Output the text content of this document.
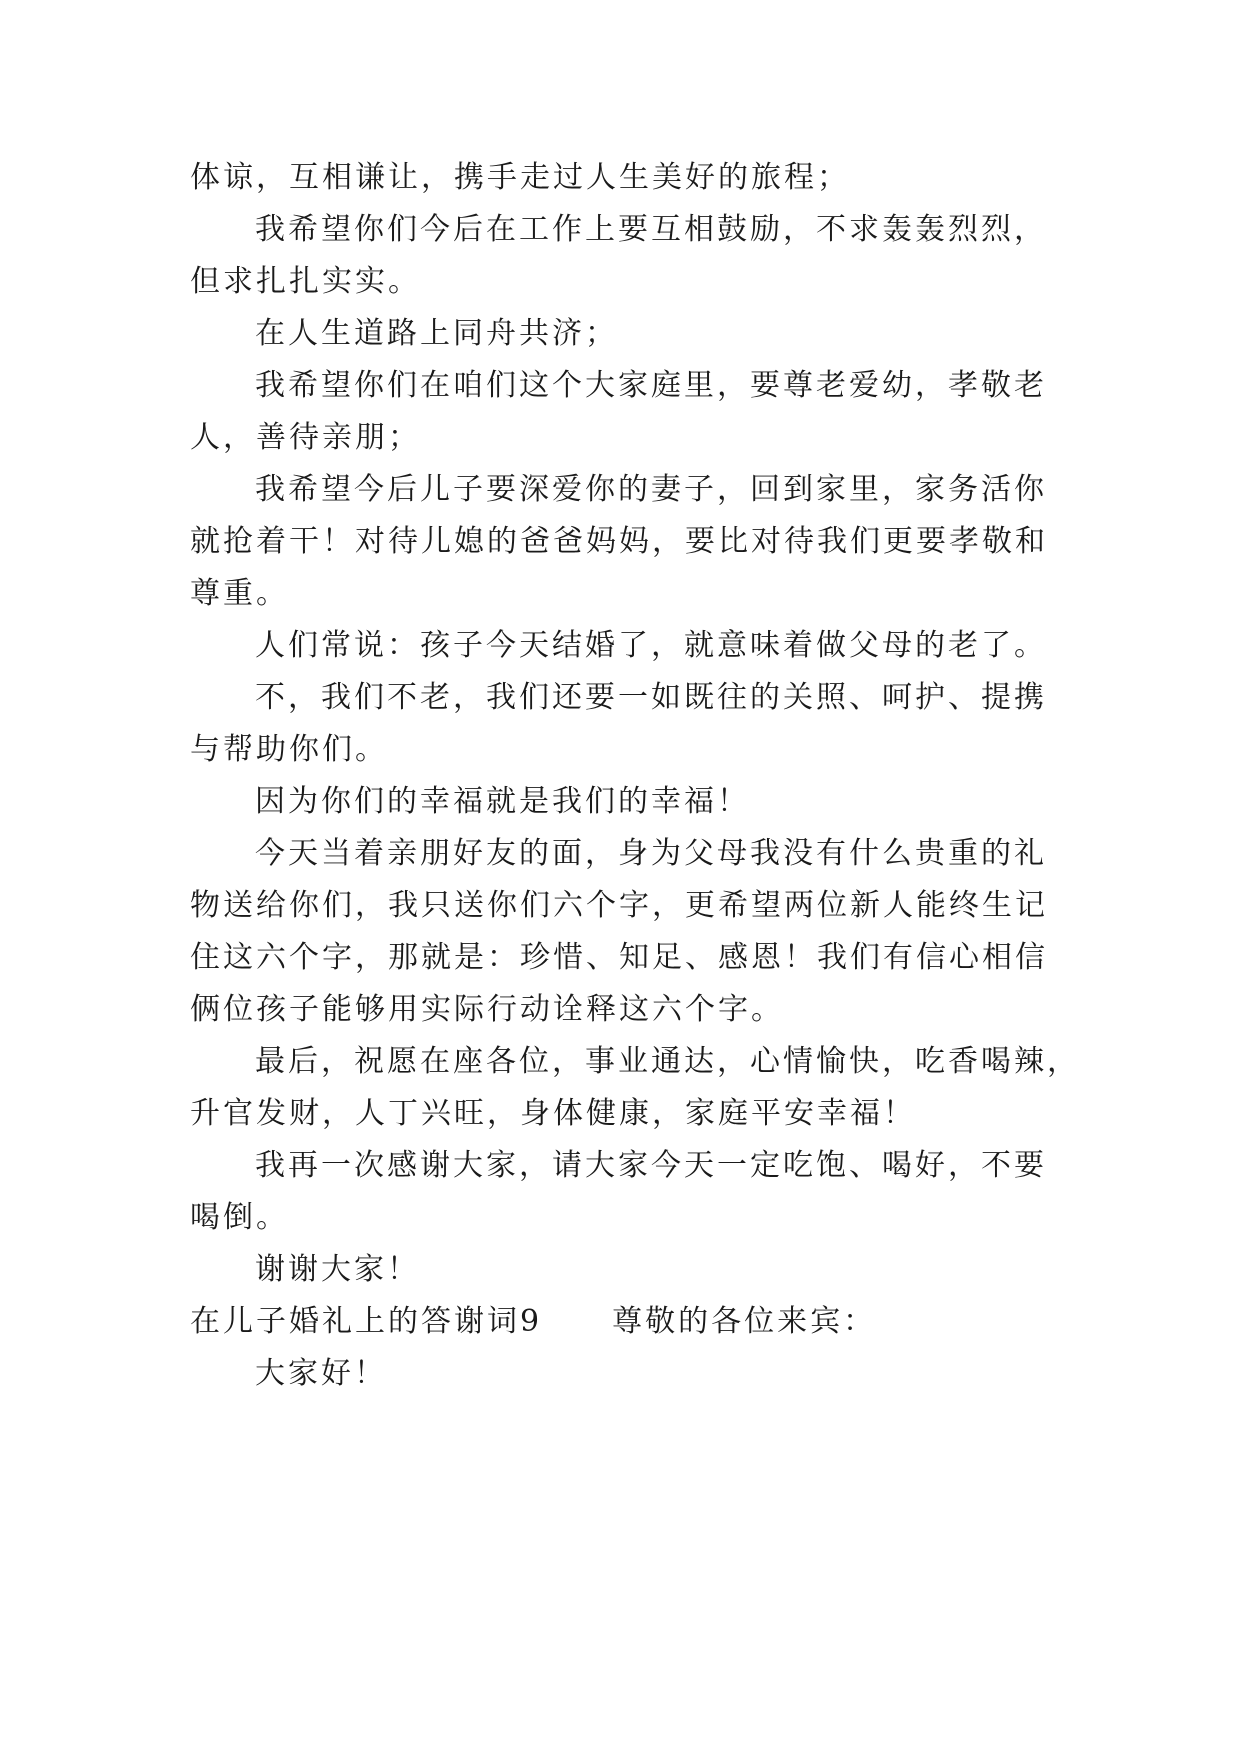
体谅，互相谦让，携手走过人生美好的旅程；
我希望你们今后在工作上要互相鼓励，不求轰轰烈烈，
但求扎扎实实。
在人生道路上同舟共济；
我希望你们在咱们这个大家庭里，要尊老爱幼，孝敬老
人，善待亲朋；
我希望今后儿子要深爱你的妻子，回到家里，家务活你
就抢着干！对待儿媳的爸爸妈妈，要比对待我们更要孝敬和
尊重。
人们常说：孩子今天结婚了，就意味着做父母的老了。
不，我们不老，我们还要一如既往的关照、呵护、提携
与帮助你们。
因为你们的幸福就是我们的幸福！
今天当着亲朋好友的面，身为父母我没有什么贵重的礼
物送给你们，我只送你们六个字，更希望两位新人能终生记
住这六个字，那就是：珍惜、知足、感恩！我们有信心相信
俩位孩子能够用实际行动诠释这六个字。
最后，祝愿在座各位，事业通达，心情愉快，吃香喝辣，
升官发财，人丁兴旺，身体健康，家庭平安幸福！
我再一次感谢大家，请大家今天一定吃饱、喝好，不要
喝倒。
谢谢大家！
在儿子婚礼上的答谢词9 尊敬的各位来宾：
大家好！
